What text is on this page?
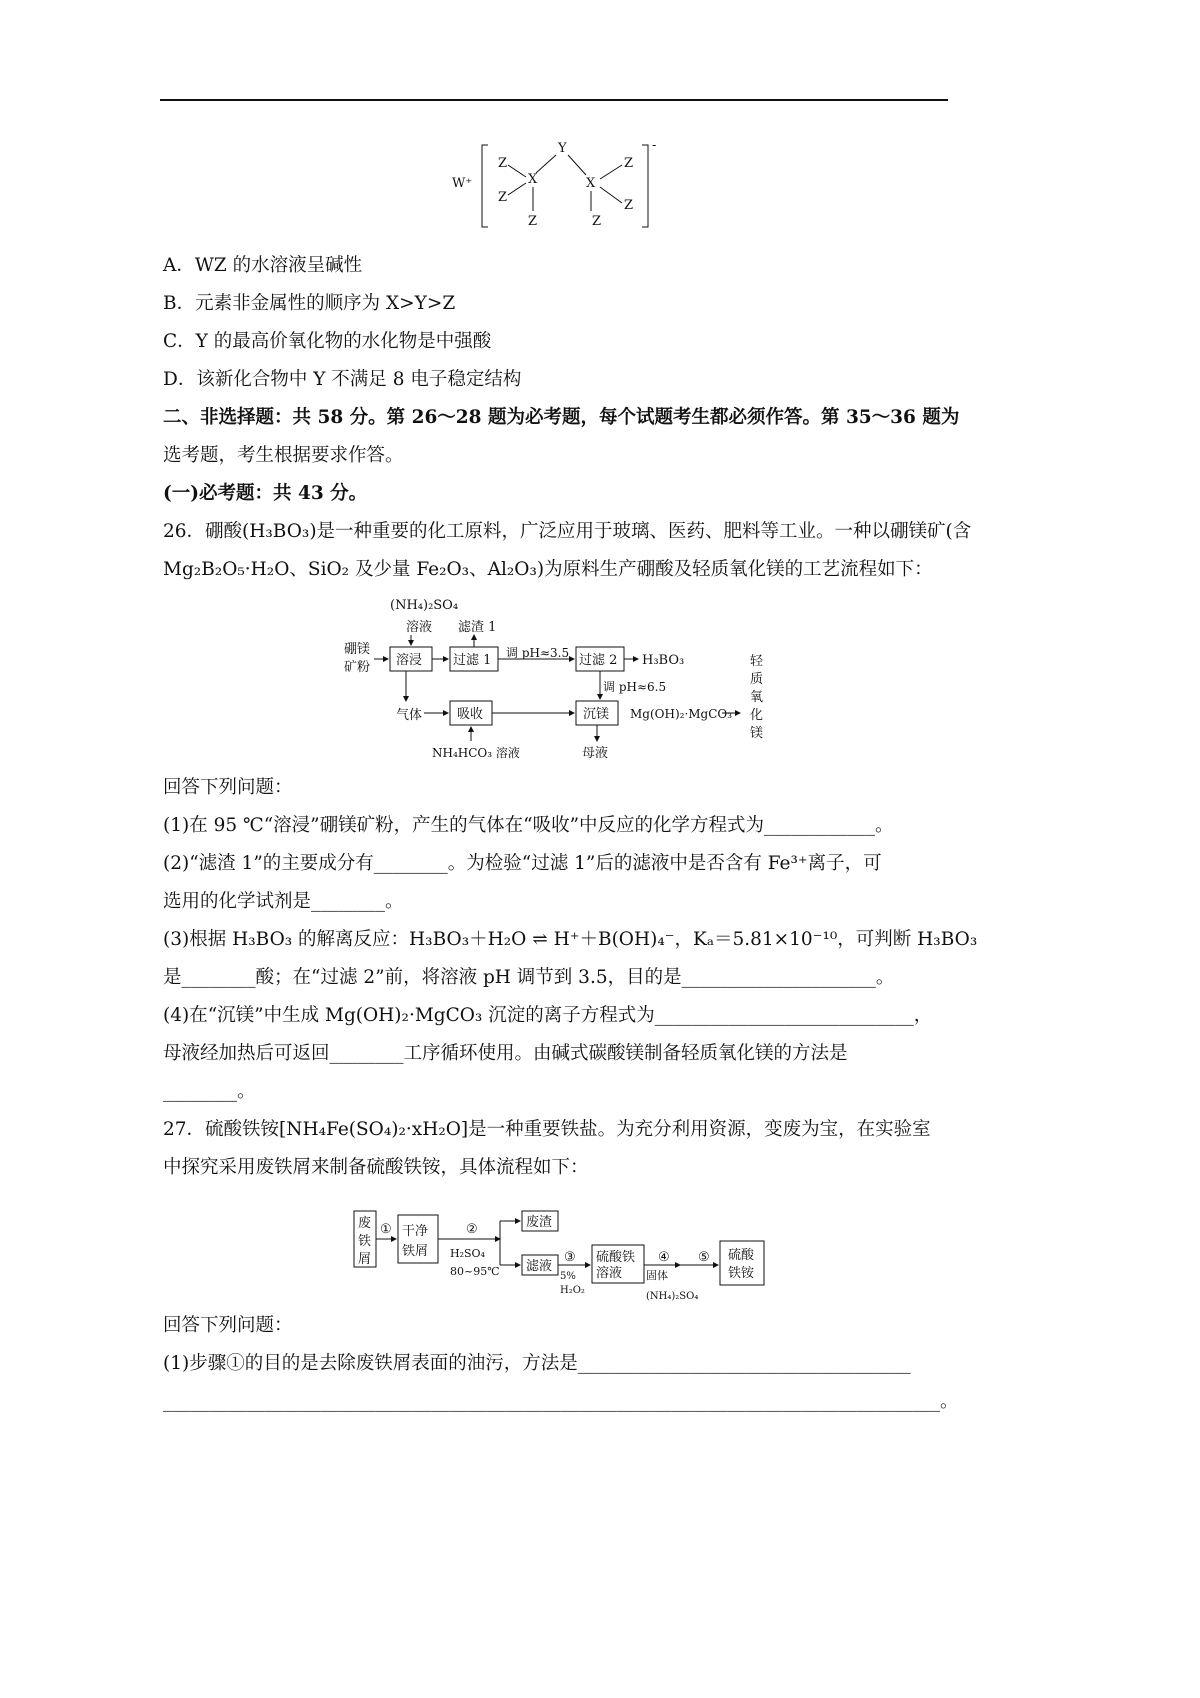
W⁺
-
Y
X	X
Z
Z
Z
Z
Z
Z
A．WZ 的水溶液呈碱性
B．元素非金属性的顺序为 X>Y>Z
C．Y 的最高价氧化物的水化物是中强酸
D．该新化合物中 Y 不满足 8 电子稳定结构
二、非选择题：共 58 分。第 26～28 题为必考题，每个试题考生都必须作答。第 35～36 题为
选考题，考生根据要求作答。
(一)必考题：共 43 分。
26．硼酸(H₃BO₃)是一种重要的化工原料，广泛应用于玻璃、医药、肥料等工业。一种以硼镁矿(含
Mg₂B₂O₅·H₂O、SiO₂ 及少量 Fe₂O₃、Al₂O₃)为原料生产硼酸及轻质氧化镁的工艺流程如下：
(NH₄)₂SO₄
溶液 滤渣 1
硼镁
矿粉 溶浸 过滤 1 调 pH≈3.5 过滤 2 H₃BO₃
调 pH≈6.5
气体	吸收	沉镁 Mg(OH)₂·MgCO₃
NH₄HCO₃ 溶液	母液
轻
质
氧
化
镁
回答下列问题：
(1)在 95 ℃“溶浸”硼镁矿粉，产生的气体在“吸收”中反应的化学方程式为____________。
(2)“滤渣 1”的主要成分有________。为检验“过滤 1”后的滤液中是否含有 Fe³⁺离子，可
选用的化学试剂是________。
(3)根据 H₃BO₃ 的解离反应：H₃BO₃＋H₂O ⇌ H⁺＋B(OH)₄⁻，Kₐ＝5.81×10⁻¹⁰，可判断 H₃BO₃
是________酸；在“过滤 2”前，将溶液 pH 调节到 3.5，目的是_____________________。
(4)在“沉镁”中生成 Mg(OH)₂·MgCO₃ 沉淀的离子方程式为____________________________，
母液经加热后可返回________工序循环使用。由碱式碳酸镁制备轻质氧化镁的方法是
________。
27．硫酸铁铵[NH₄Fe(SO₄)₂·xH₂O]是一种重要铁盐。为充分利用资源，变废为宝，在实验室
中探究采用废铁屑来制备硫酸铁铵，具体流程如下：
废
铁
屑
① 干净
铁屑
②
H₂SO₄
80~95℃
废渣
滤液
③
5%
H₂O₂
硫酸铁
溶液
④
固体
(NH₄)₂SO₄
⑤ 硫酸
铁铵
回答下列问题：
(1)步骤①的目的是去除废铁屑表面的油污，方法是____________________________________
____________________________________________________________________________________。
